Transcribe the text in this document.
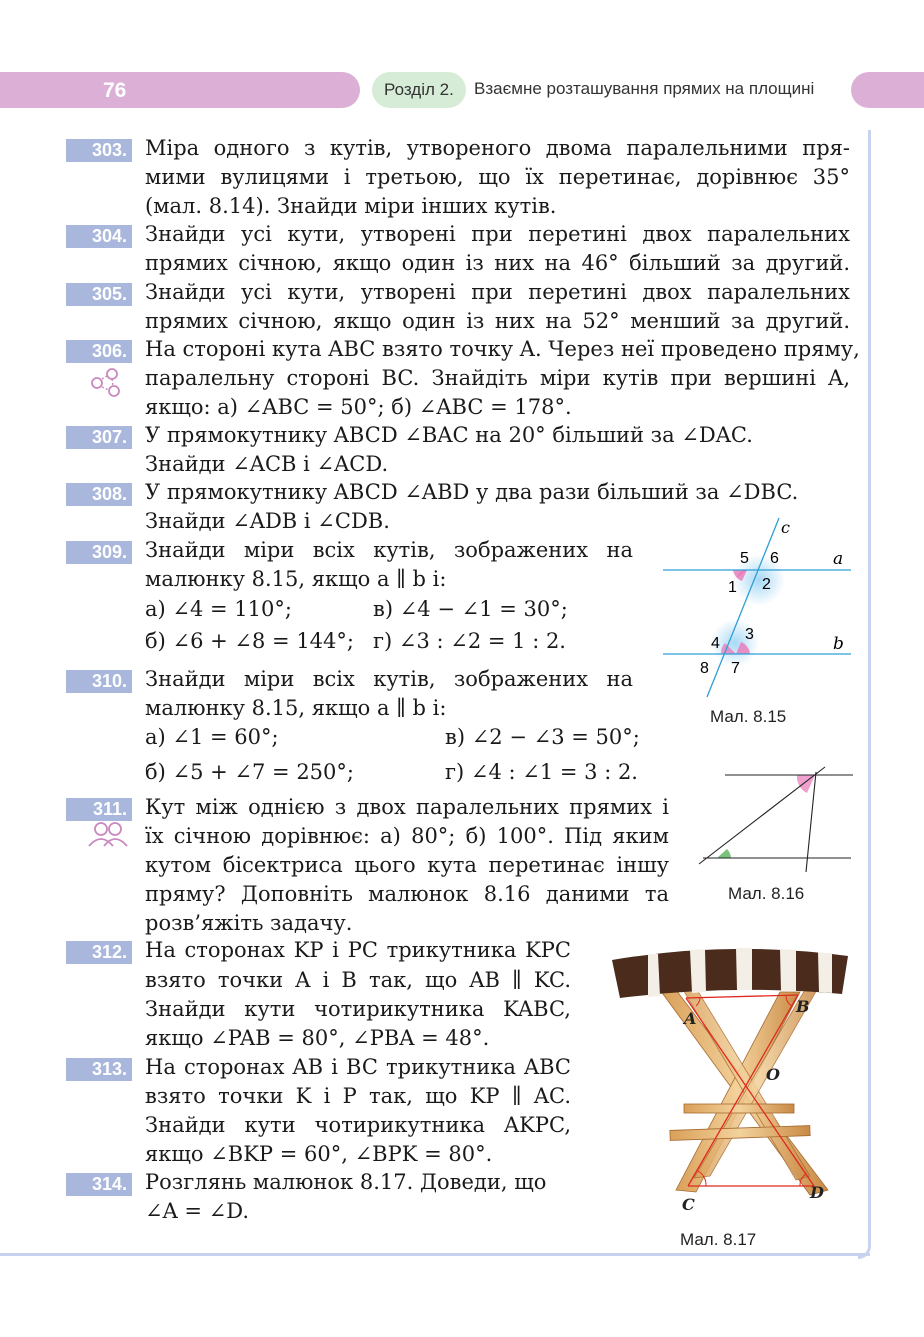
76	Розділ 2.	Взаємне розташування прямих на площині
303. Міра одного з кутів, утвореного двома паралельними пря-
мими вулицями і третьою, що їх перетинає, дорівнює 35°
(мал. 8.14). Знайди міри інших кутів.
304. Знайди усі кути, утворені при перетині двох паралельних
прямих січною, якщо один із них на 46° більший за другий.
305. Знайди усі кути, утворені при перетині двох паралельних
прямих січною, якщо один із них на 52° менший за другий.
306. На стороні кута ABC взято точку A. Через неї проведено пряму,
паралельну стороні BC. Знайдіть міри кутів при вершині A,
якщо: а) ∠ABC = 50°; б) ∠ABC = 178°.
307. У прямокутнику ABCD ∠BAC на 20° більший за ∠DAC.
Знайди ∠ACB і ∠ACD.
308. У прямокутнику ABCD ∠ABD у два рази більший за ∠DBC.
Знайди ∠ADB і ∠CDB.
309. Знайди міри всіх кутів, зображених на
малюнку 8.15, якщо a ∥ b і:
а) ∠4 = 110°;	в) ∠4 − ∠1 = 30°;
б) ∠6 + ∠8 = 144°; г) ∠3 : ∠2 = 1 : 2.
310. Знайди міри всіх кутів, зображених на
малюнку 8.15, якщо a ∥ b і:
а) ∠1 = 60°;	в) ∠2 − ∠3 = 50°;
б) ∠5 + ∠7 = 250°;	г) ∠4 : ∠1 = 3 : 2.
311. Кут між однією з двох паралельних прямих і
їх січною дорівнює: а) 80°; б) 100°. Під яким
кутом бісектриса цього кута перетинає іншу
пряму? Доповніть малюнок 8.16 даними та
розв’яжіть задачу.
312. На сторонах KP і PC трикутника KPC
взято точки A і B так, що AB ∥ KC.
Знайди кути чотирикутника KABC,
якщо ∠PAB = 80°, ∠PBA = 48°.
313. На сторонах AB і BC трикутника ABC
взято точки K і P так, що KP ∥ AC.
Знайди кути чотирикутника AKPC,
якщо ∠BKP = 60°, ∠BPK = 80°.
314. Розглянь малюнок 8.17. Доведи, що
∠A = ∠D.
c
a
b
1 2
3
4
5 6
7
8
Мал. 8.15
Мал. 8.16
A
B
O
C
D
Мал. 8.17
